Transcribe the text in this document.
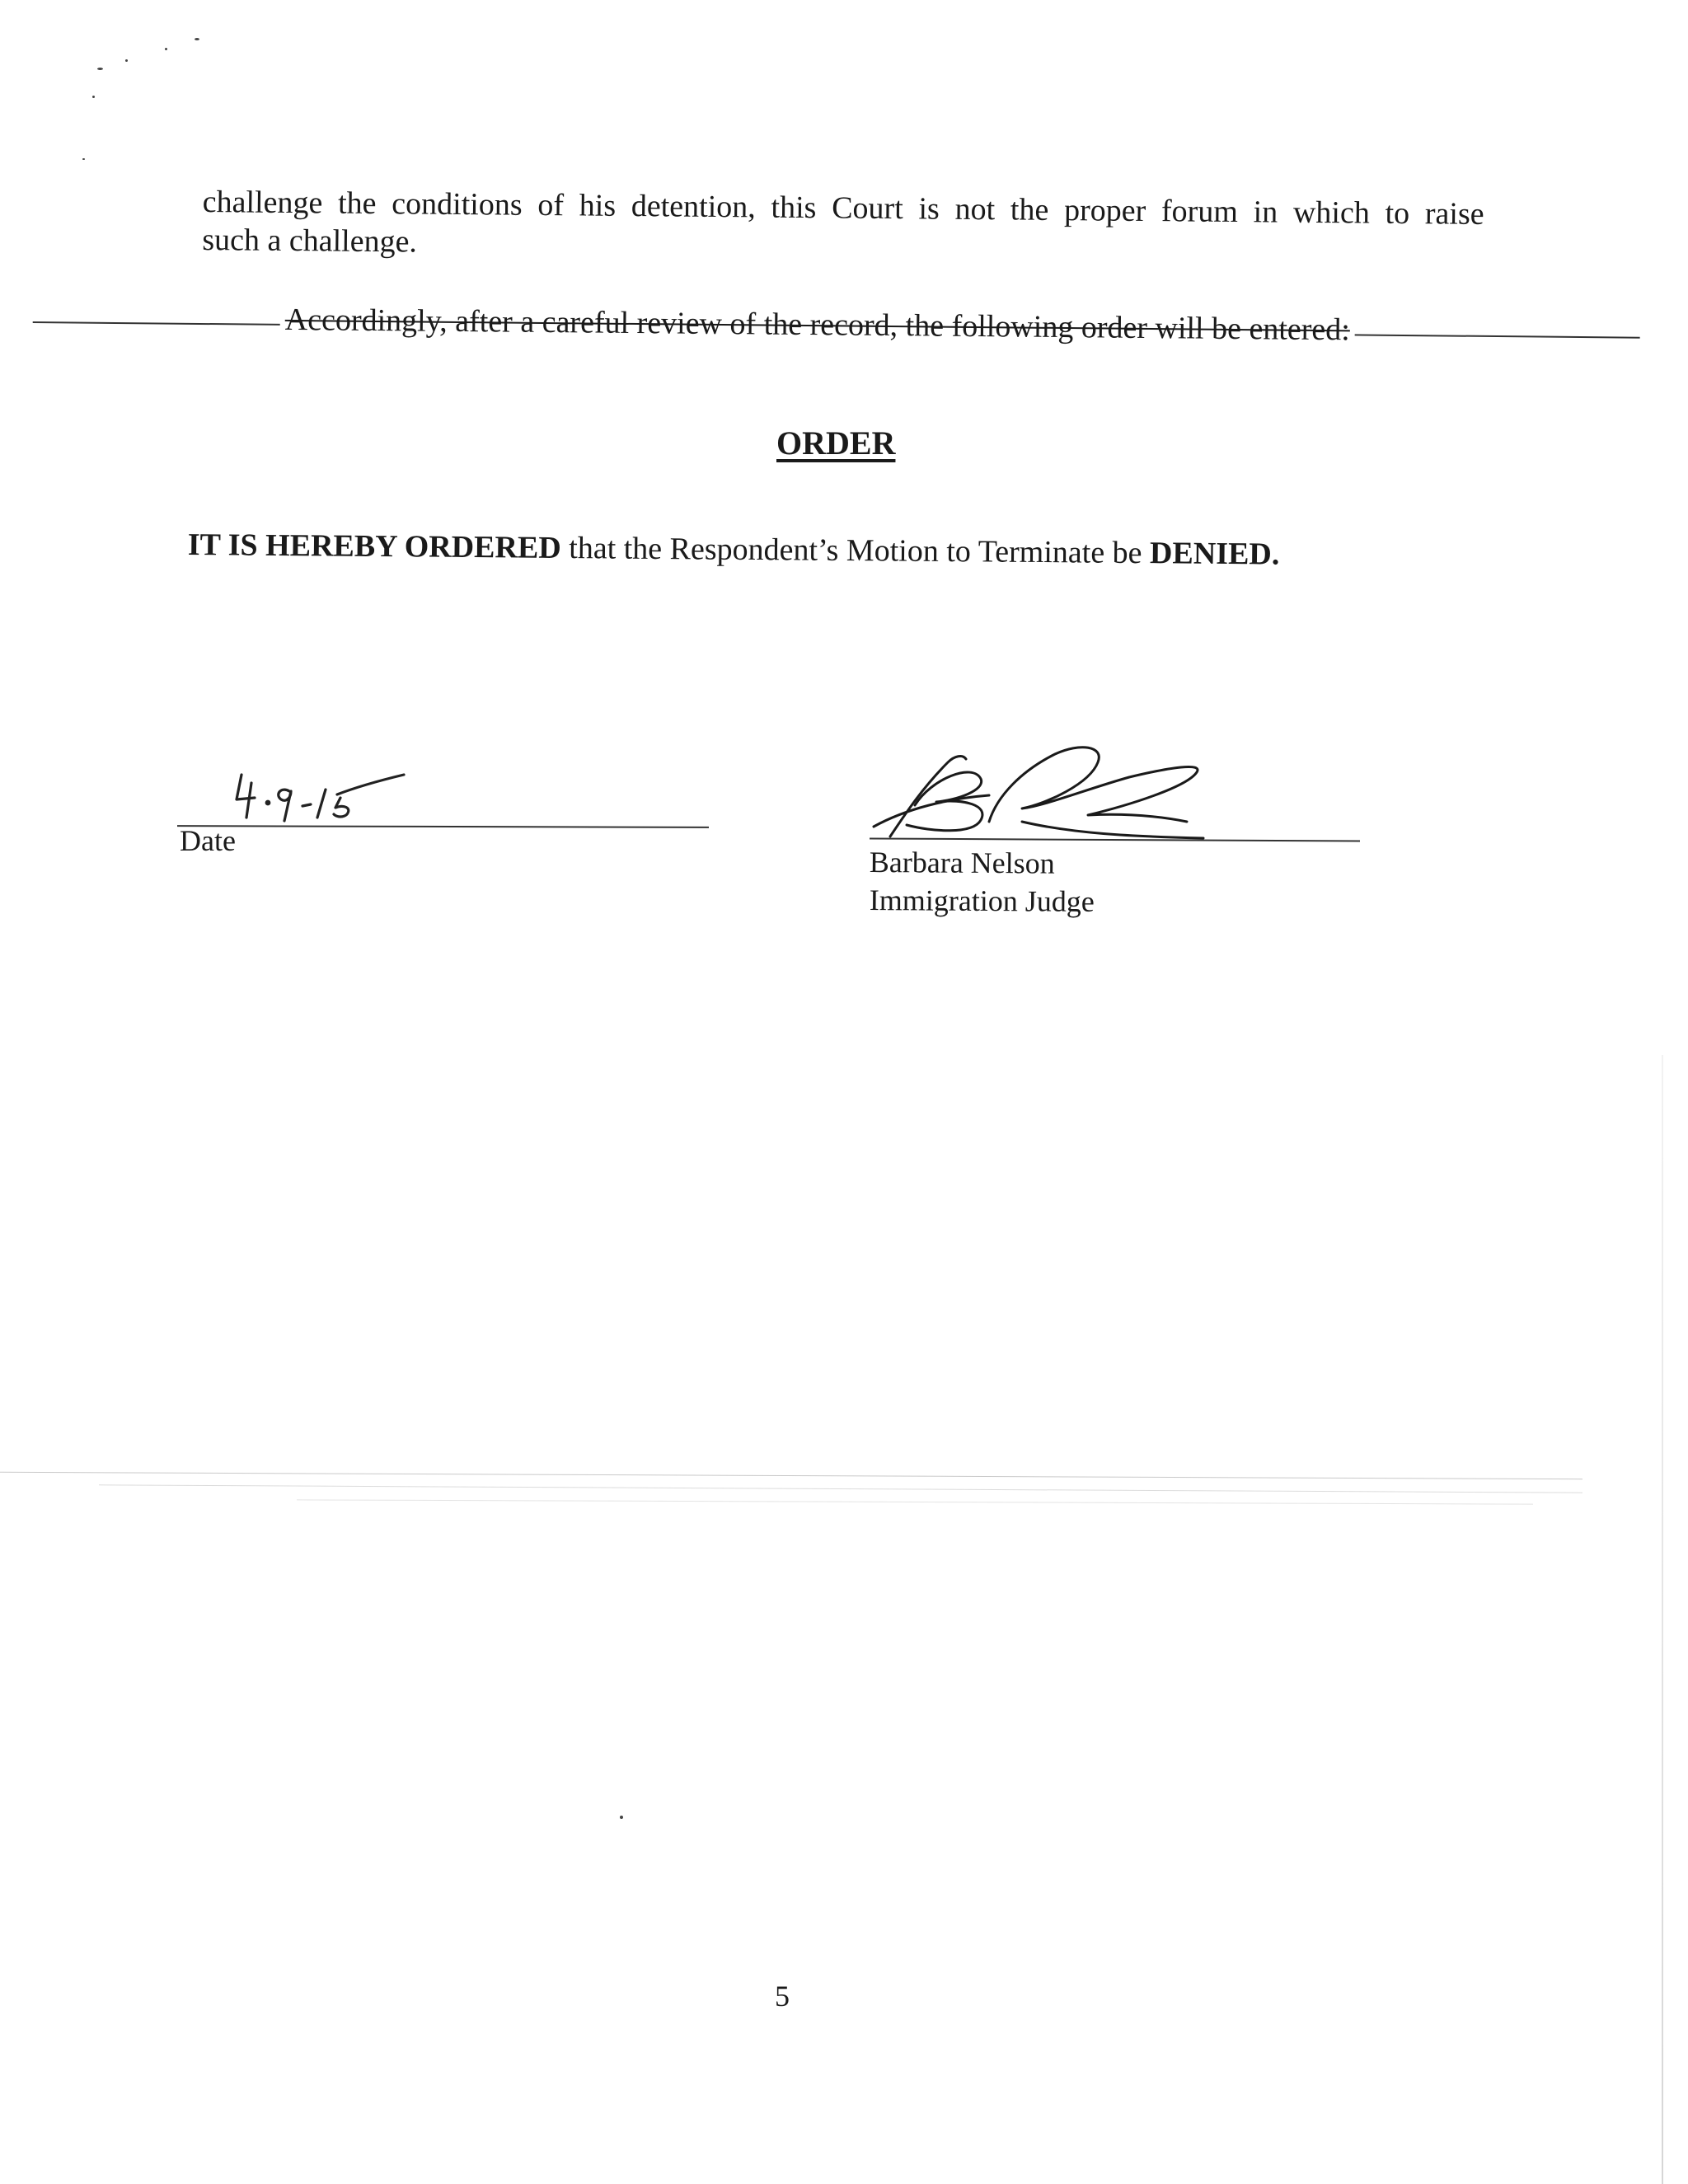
challenge the conditions of his detention, this Court is not the proper forum in which to raise
such a challenge.
Accordingly, after a careful review of the record, the following order will be entered:
ORDER
IT IS HEREBY ORDERED that the Respondent’s Motion to Terminate be DENIED.
Date
Barbara Nelson
Immigration Judge
5
